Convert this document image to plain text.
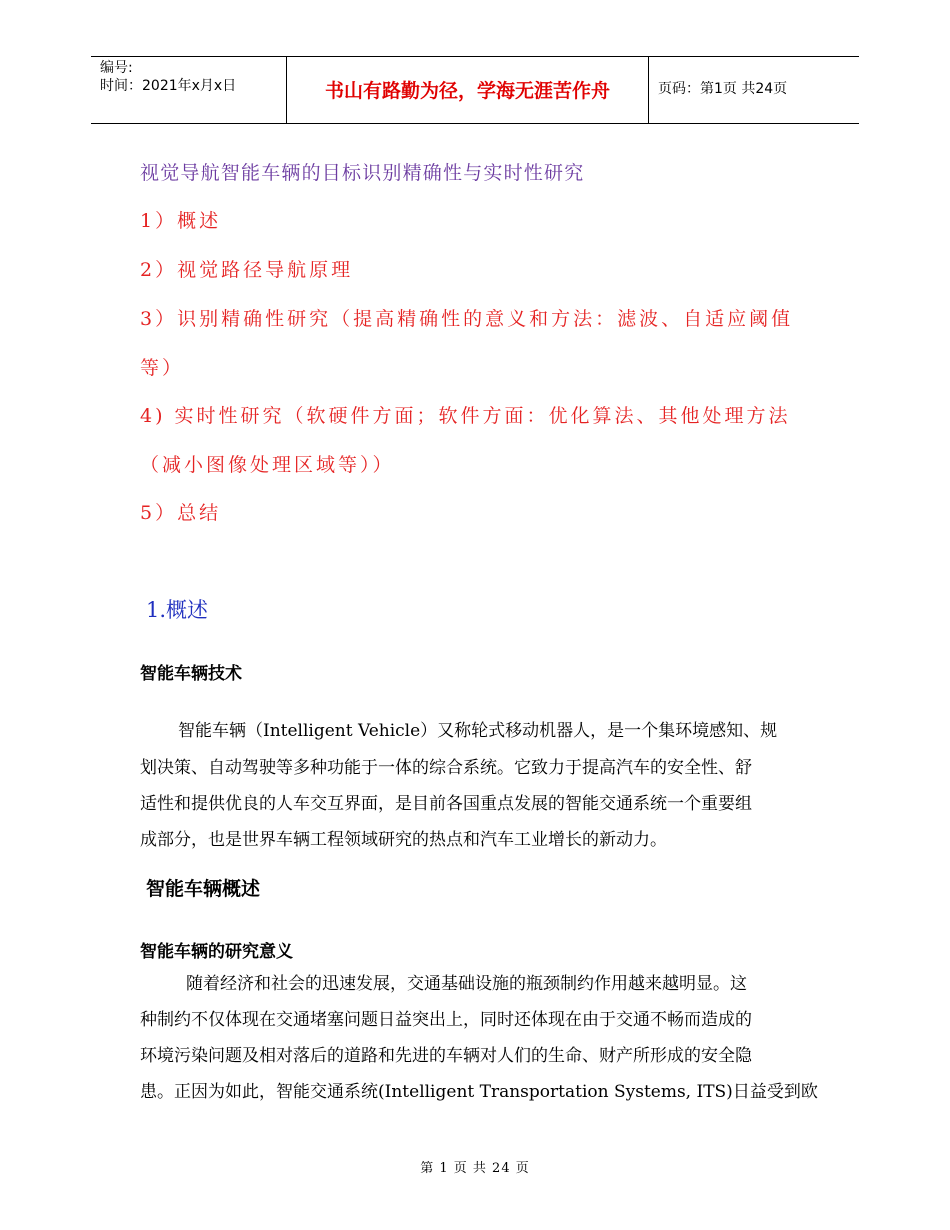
编号:
时间：2021年x月x日	书山有路勤为径，学海无涯苦作舟	页码：第1页 共24页
视觉导航智能车辆的目标识别精确性与实时性研究
1）概述
2）视觉路径导航原理
3）识别精确性研究（提高精确性的意义和方法：滤波、自适应阈值
等）
4) 实时性研究（软硬件方面；软件方面：优化算法、其他处理方法
（减小图像处理区域等））
5）总结
1.概述
智能车辆技术
智能车辆（Intelligent Vehicle）又称轮式移动机器人，是一个集环境感知、规
划决策、自动驾驶等多种功能于一体的综合系统。它致力于提高汽车的安全性、舒
适性和提供优良的人车交互界面，是目前各国重点发展的智能交通系统一个重要组
成部分，也是世界车辆工程领域研究的热点和汽车工业增长的新动力。
智能车辆概述
智能车辆的研究意义
随着经济和社会的迅速发展，交通基础设施的瓶颈制约作用越来越明显。这
种制约不仅体现在交通堵塞问题日益突出上，同时还体现在由于交通不畅而造成的
环境污染问题及相对落后的道路和先进的车辆对人们的生命、财产所形成的安全隐
患。正因为如此，智能交通系统(Intelligent Transportation Systems, ITS)日益受到欧
第 1 页 共 24 页
